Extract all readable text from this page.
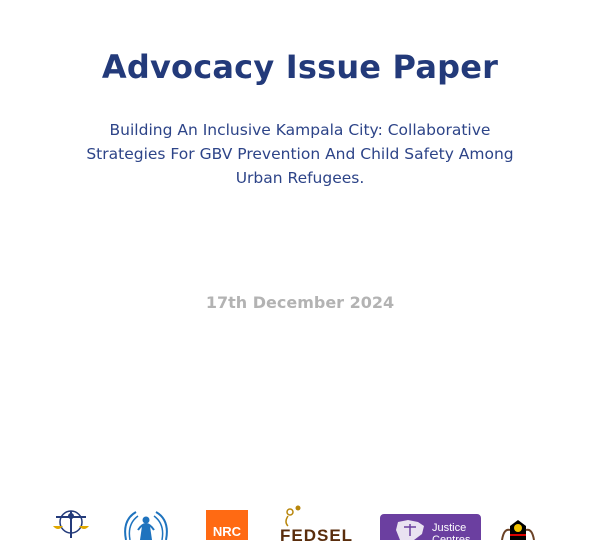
Advocacy Issue Paper
Building An Inclusive Kampala City: Collaborative
Strategies For GBV Prevention And Child Safety Among
Urban Refugees.
17th December 2024
NRC FEDSEL	Justice
Centres
